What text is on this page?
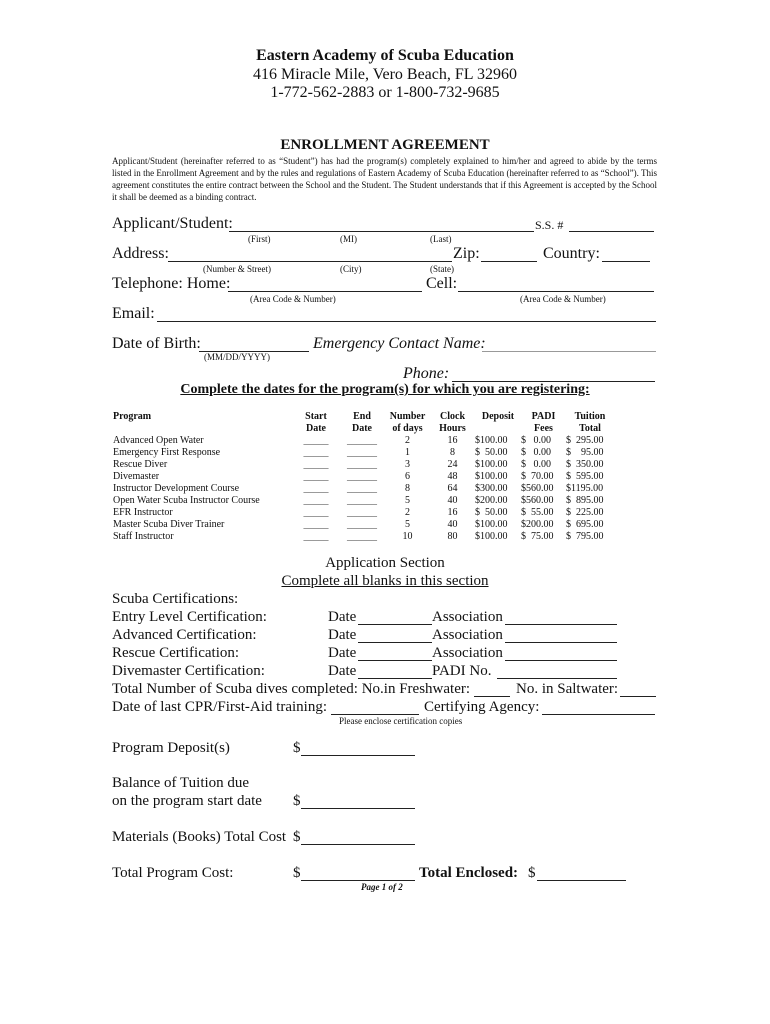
Eastern Academy of Scuba Education
416 Miracle Mile, Vero Beach, FL 32960
1-772-562-2883 or 1-800-732-9685
ENROLLMENT AGREEMENT
Applicant/Student (hereinafter referred to as “Student”) has had the program(s) completely explained to him/her and agreed to abide by the terms listed in the Enrollment Agreement and by the rules and regulations of Eastern Academy of Scuba Education (hereinafter referred to as “School”). This agreement constitutes the entire contract between the School and the Student. The Student understands that if this Agreement is accepted by the School it shall be deemed as a binding contract.
Applicant/Student:	S.S. #
(First)	(MI)	(Last)
Address:	Zip:	Country:
(Number & Street)	(City)	(State)
Telephone: Home:	Cell:
(Area Code & Number)	(Area Code & Number)
Email:
Date of Birth:	Emergency Contact Name:
(MM/DD/YYYY)
Phone:
Complete the dates for the program(s) for which you are registering:
Program	Start	End	Number	Clock	Deposit	PADI	Tuition
	Date	Date	of days	Hours		Fees	Total
Advanced Open Water	_____	______	2	16	$100.00	$   0.00	$  295.00
Emergency First Response	_____	______	1	8	$  50.00	$   0.00	$    95.00
Rescue Diver	_____	______	3	24	$100.00	$   0.00	$  350.00
Divemaster	_____	______	6	48	$100.00	$  70.00	$  595.00
Instructor Development Course	_____	______	8	64	$300.00	$560.00	$1195.00
Open Water Scuba Instructor Course	_____	______	5	40	$200.00	$560.00	$  895.00
EFR Instructor	_____	______	2	16	$  50.00	$  55.00	$  225.00
Master Scuba Diver Trainer	_____	______	5	40	$100.00	$200.00	$  695.00
Staff Instructor	_____	______	10	80	$100.00	$  75.00	$  795.00
Application Section
Complete all blanks in this section
Scuba Certifications:
Entry Level Certification:	Date	Association
Advanced Certification:	Date	Association
Rescue Certification:	Date	Association
Divemaster Certification:	Date	PADI No.
Total Number of Scuba dives completed: No.in Freshwater:	No. in Saltwater:
Date of last CPR/First-Aid training:	Certifying Agency:
Please enclose certification copies
Program Deposit(s)	$
Balance of Tuition due
on the program start date $
Materials (Books) Total Cost $
Total Program Cost:	$	Total Enclosed: $
Page 1 of 2
